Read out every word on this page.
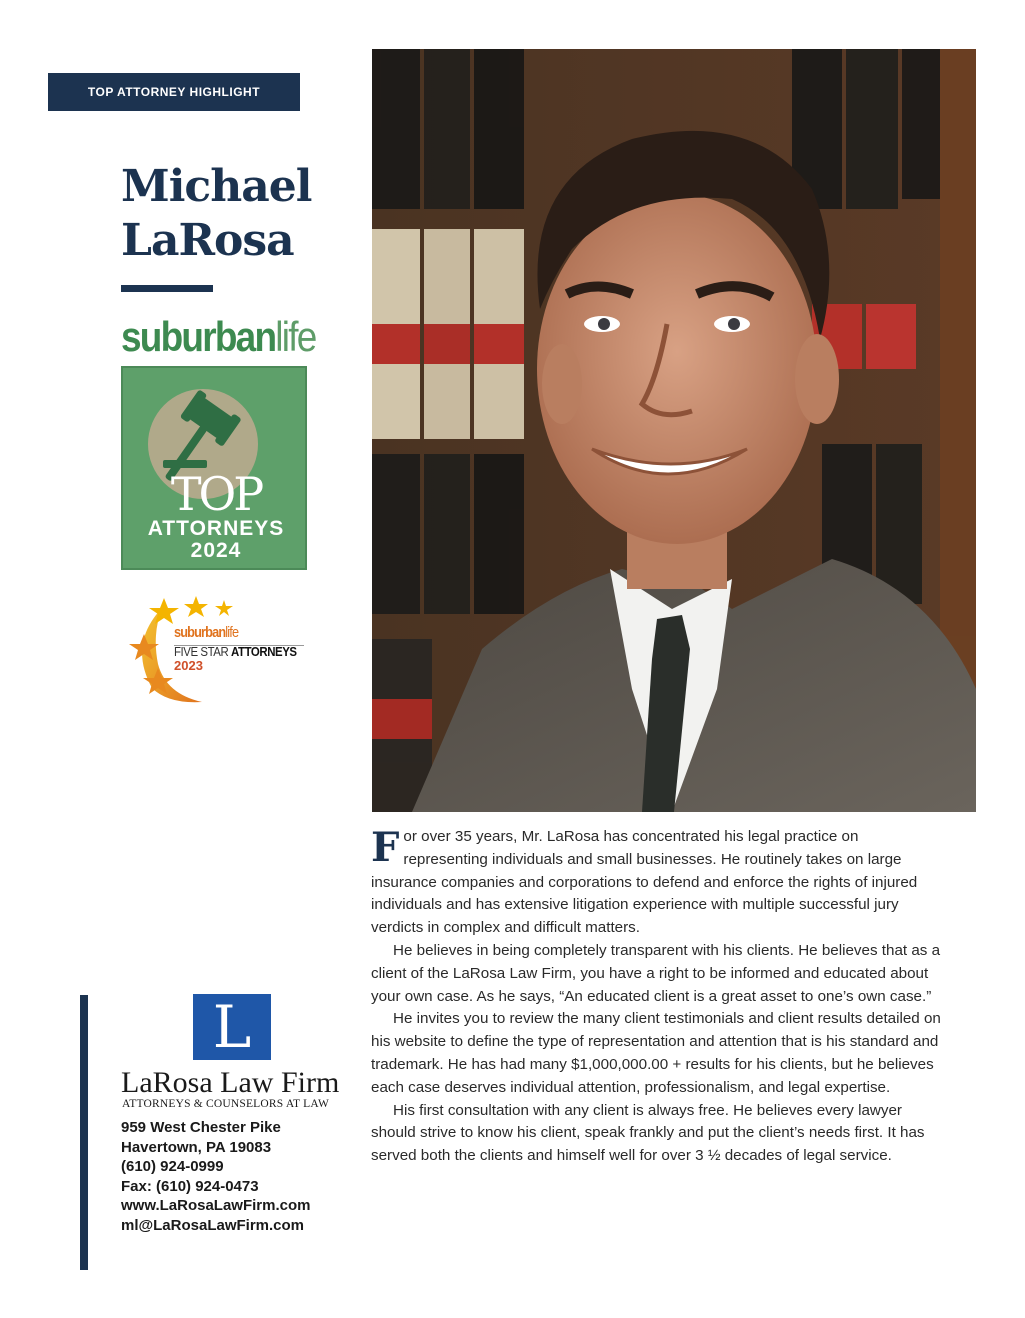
TOP ATTORNEY HIGHLIGHT
Michael
LaRosa
suburbanlife
TOP
ATTORNEYS
2024
suburbanlife
FIVE STAR ATTORNEYS
2023
L
LaRosa Law Firm
ATTORNEYS & COUNSELORS AT LAW
959 West Chester Pike
Havertown, PA 19083
(610) 924-0999
Fax: (610) 924-0473
www.LaRosaLawFirm.com
ml@LaRosaLawFirm.com

For over 35 years, Mr. LaRosa has concentrated his legal practice on representing individuals and small businesses. He routinely takes on large insurance companies and corporations to defend and enforce the rights of injured individuals and has extensive litigation experience with multiple successful jury verdicts in complex and difficult matters.

He believes in being completely transparent with his clients. He believes that as a client of the LaRosa Law Firm, you have a right to be informed and educated about your own case. As he says, “An educated client is a great asset to one’s own case.”

He invites you to review the many client testimonials and client results detailed on his website to define the type of representation and attention that is his standard and trademark. He has had many $1,000,000.00 + results for his clients, but he believes each case deserves individual attention, professionalism, and legal expertise.

His first consultation with any client is always free. He believes every lawyer should strive to know his client, speak frankly and put the client’s needs first. It has served both the clients and himself well for over 3 ½ decades of legal service.
